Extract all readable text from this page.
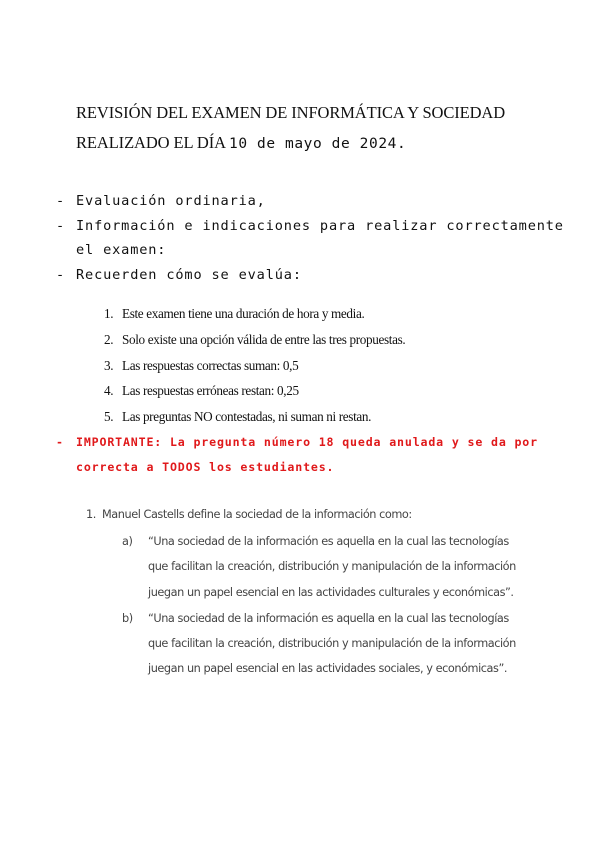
REVISIÓN DEL EXAMEN DE INFORMÁTICA Y SOCIEDAD
REALIZADO EL DÍA 10 de mayo de 2024.
- Evaluación ordinaria,
- Información e indicaciones para realizar correctamente el examen:
- Recuerden cómo se evalúa:
1. Este examen tiene una duración de hora y media.
2. Solo existe una opción válida de entre las tres propuestas.
3. Las respuestas correctas suman: 0,5
4. Las respuestas erróneas restan: 0,25
5. Las preguntas NO contestadas, ni suman ni restan.
- IMPORTANTE: La pregunta número 18 queda anulada y se da por correcta a TODOS los estudiantes.
1. Manuel Castells define la sociedad de la información como:
a) “Una sociedad de la información es aquella en la cual las tecnologías que facilitan la creación, distribución y manipulación de la información juegan un papel esencial en las actividades culturales y económicas”.
b) “Una sociedad de la información es aquella en la cual las tecnologías que facilitan la creación, distribución y manipulación de la información juegan un papel esencial en las actividades sociales, y económicas”.
